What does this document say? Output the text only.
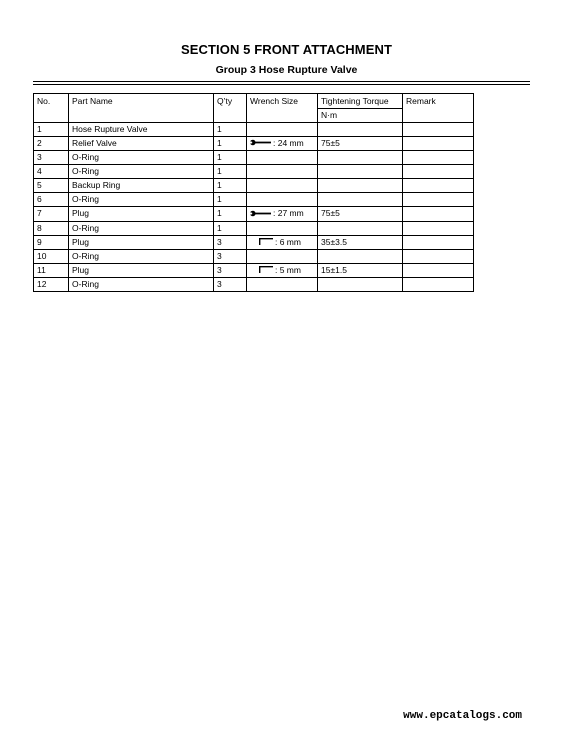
SECTION 5 FRONT ATTACHMENT
Group 3 Hose Rupture Valve
No.	Part Name	Q’ty	Wrench Size	Tightening Torque	Remark
				N·m	
1	Hose Rupture Valve	1			
2	Relief Valve	1	: 24 mm	75±5	
3	O-Ring	1			
4	O-Ring	1			
5	Backup Ring	1			
6	O-Ring	1			
7	Plug	1	: 27 mm	75±5	
8	O-Ring	1			
9	Plug	3	: 6 mm	35±3.5	
10	O-Ring	3			
11	Plug	3	: 5 mm	15±1.5	
12	O-Ring	3			
www.epcatalogs.com
